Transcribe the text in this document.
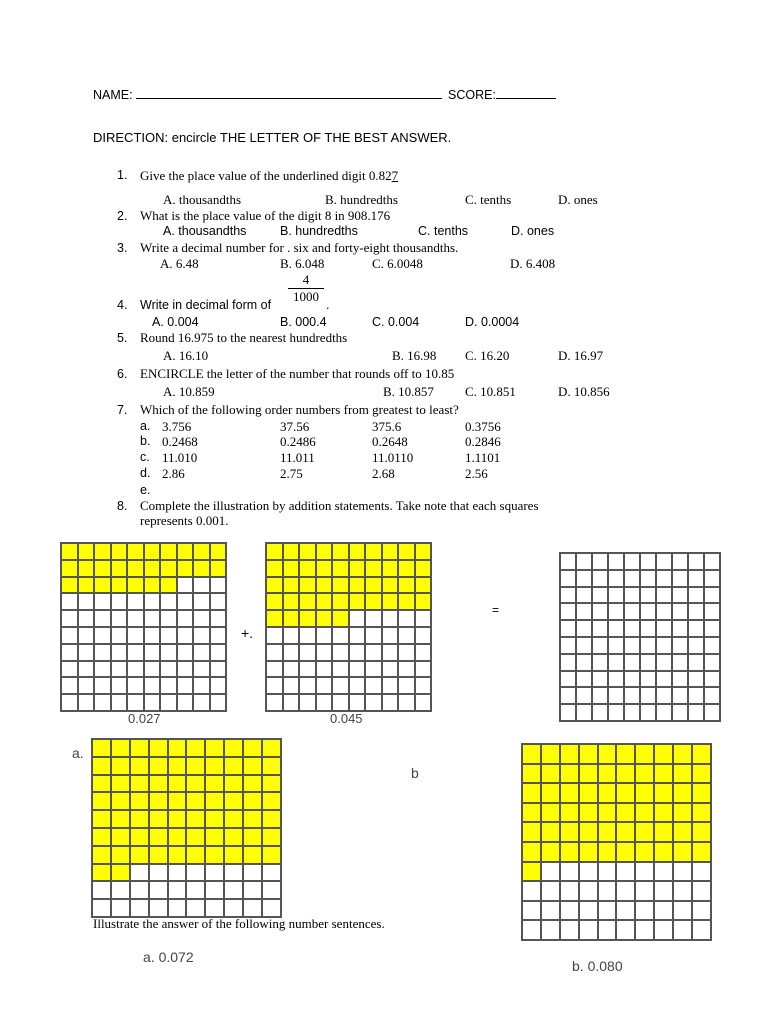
NAME:	SCORE:
DIRECTION: encircle THE LETTER OF THE BEST ANSWER.
1. Give the place value of the underlined digit 0.827
A. thousandths	B. hundredths	C. tenths	D. ones
2. What is the place value of the digit 8 in 908.176
A. thousandths	B. hundredths	C. tenths	D. ones
3. Write a decimal number for . six and forty-eight thousandths.
A. 6.48	B. 6.048	C. 6.0048	D. 6.408
$\frac{4}{1000}$
4. Write in decimal form of	.
A. 0.004	B. 000.4	C. 0.004	D. 0.0004
5. Round 16.975 to the nearest hundredths
A. 16.10	B. 16.98 C. 16.20	D. 16.97
6. ENCIRCLE the letter of the number that rounds off to 10.85
A. 10.859	B. 10.857 C. 10.851	D. 10.856
7. Which of the following order numbers from greatest to least?
a. 3.756	37.56	375.6	0.3756
b. 0.2468	0.2486	0.2648	0.2846
c. 11.010	11.011	11.0110	1.1101
d. 2.86	2.75	2.68	2.56
e.
8. Complete the illustration by addition statements. Take note that each squares
represents 0.001.
0.027
+.
0.045
=
a.
b
Illustrate the answer of the following number sentences.
a. 0.072
b. 0.080
